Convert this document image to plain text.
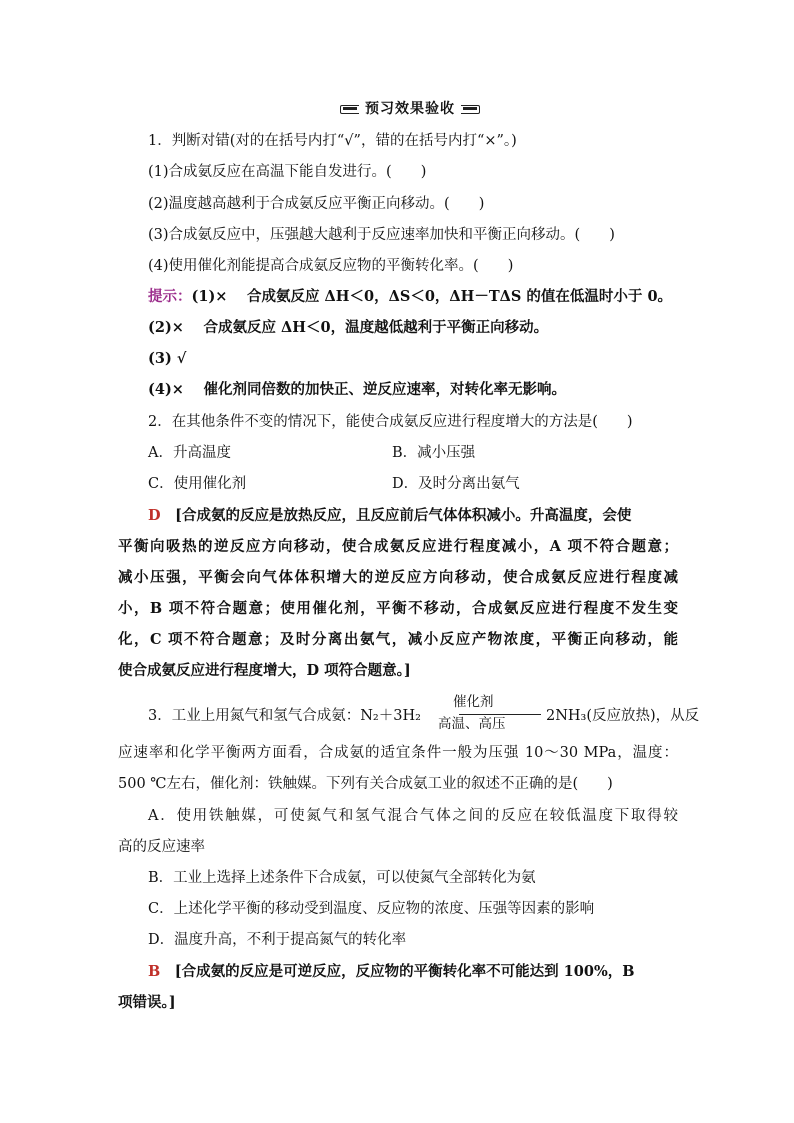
预习效果验收
1．判断对错(对的在括号内打“√”，错的在括号内打“×”。)
(1)合成氨反应在高温下能自发进行。(　　)
(2)温度越高越利于合成氨反应平衡正向移动。(　　)
(3)合成氨反应中，压强越大越利于反应速率加快和平衡正向移动。(　　)
(4)使用催化剂能提高合成氨反应物的平衡转化率。(　　)
提示：(1)×　 合成氨反应 ΔH＜0，ΔS＜0，ΔH－TΔS 的值在低温时小于 0。
(2)×　 合成氨反应 ΔH＜0，温度越低越利于平衡正向移动。
(3) √
(4)×　 催化剂同倍数的加快正、逆反应速率，对转化率无影响。
2．在其他条件不变的情况下，能使合成氨反应进行程度增大的方法是(　　)
A．升高温度	B．减小压强
C．使用催化剂	D．及时分离出氨气
D　 [合成氨的反应是放热反应，且反应前后气体体积减小。升高温度，会使
平衡向吸热的逆反应方向移动，使合成氨反应进行程度减小，A 项不符合题意；
减小压强，平衡会向气体体积增大的逆反应方向移动，使合成氨反应进行程度减
小，B 项不符合题意；使用催化剂，平衡不移动，合成氨反应进行程度不发生变
化，C 项不符合题意；及时分离出氨气，减小反应产物浓度，平衡正向移动，能
使合成氨反应进行程度增大，D 项符合题意。]
3．工业上用氮气和氢气合成氨：N₂＋3H₂
催化剂
高温、高压	2NH₃(反应放热)，从反
应速率和化学平衡两方面看，合成氨的适宜条件一般为压强 10～30 MPa，温度：
500 ℃左右，催化剂：铁触媒。下列有关合成氨工业的叙述不正确的是(　　)
A．使用铁触媒，可使氮气和氢气混合气体之间的反应在较低温度下取得较
高的反应速率
B．工业上选择上述条件下合成氨，可以使氮气全部转化为氨
C．上述化学平衡的移动受到温度、反应物的浓度、压强等因素的影响
D．温度升高，不利于提高氮气的转化率
B　 [合成氨的反应是可逆反应，反应物的平衡转化率不可能达到 100%，B
项错误。]
